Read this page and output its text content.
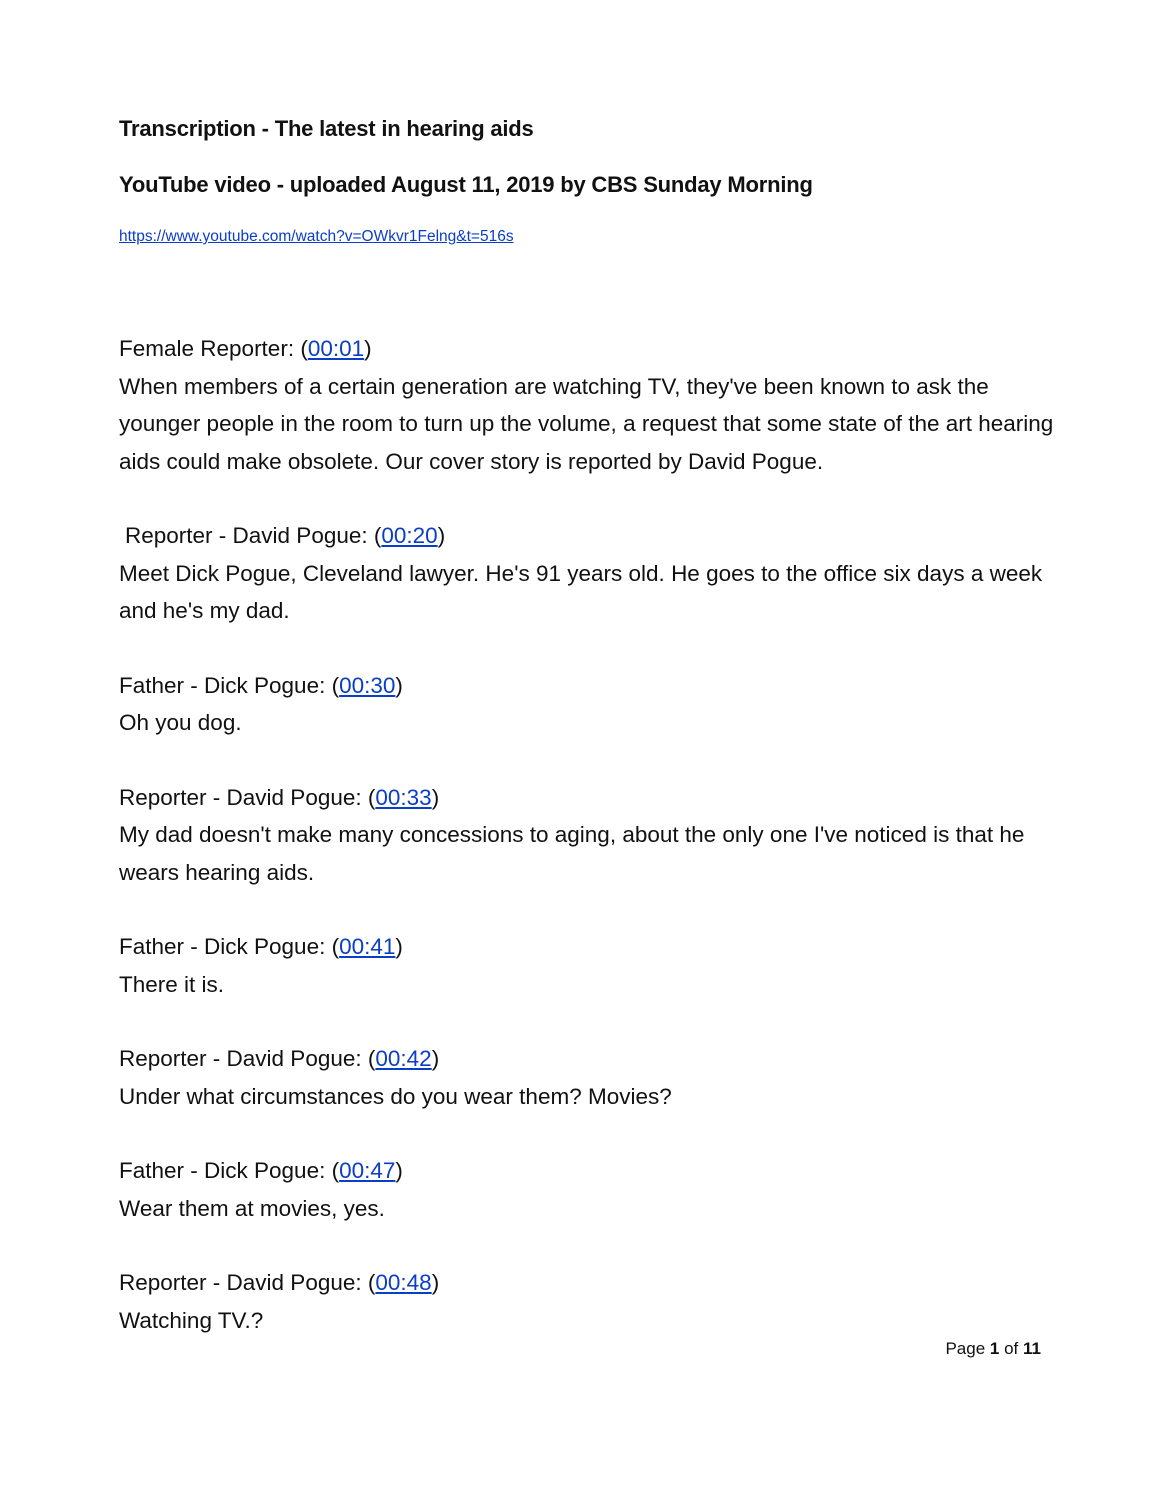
Transcription - The latest in hearing aids
YouTube video - uploaded August 11, 2019 by CBS Sunday Morning
https://www.youtube.com/watch?v=OWkvr1Felng&t=516s
Female Reporter: (00:01)
When members of a certain generation are watching TV, they've been known to ask the younger people in the room to turn up the volume, a request that some state of the art hearing aids could make obsolete. Our cover story is reported by David Pogue.
Reporter - David Pogue: (00:20)
Meet Dick Pogue, Cleveland lawyer. He's 91 years old. He goes to the office six days a week and he's my dad.
Father - Dick Pogue: (00:30)
Oh you dog.
Reporter - David Pogue: (00:33)
My dad doesn't make many concessions to aging, about the only one I've noticed is that he wears hearing aids.
Father - Dick Pogue: (00:41)
There it is.
Reporter - David Pogue: (00:42)
Under what circumstances do you wear them? Movies?
Father - Dick Pogue: (00:47)
Wear them at movies, yes.
Reporter - David Pogue: (00:48)
Watching TV.?
Page 1 of 11
